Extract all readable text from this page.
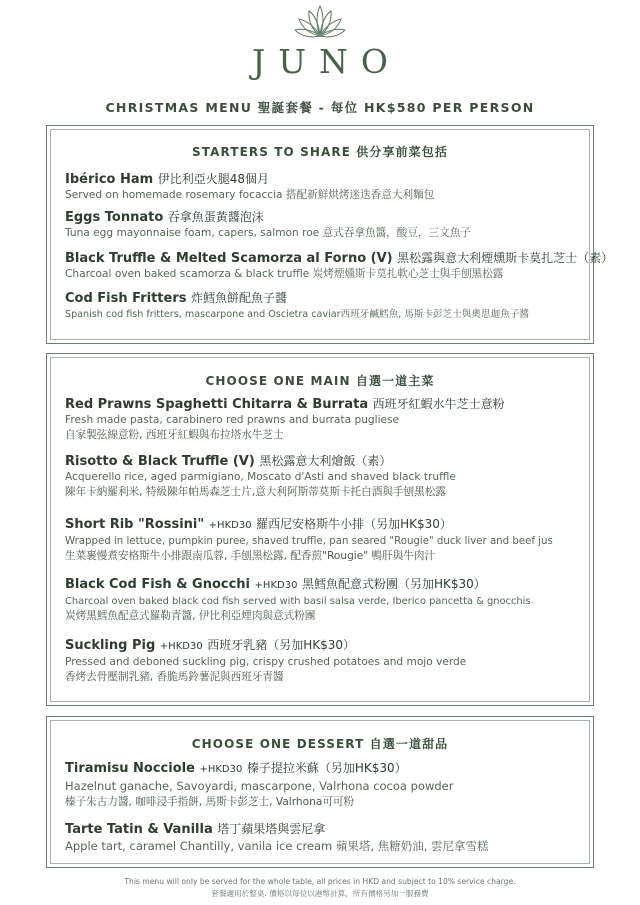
JUNO
CHRISTMAS MENU 聖誕套餐 - 每位 HK$580 PER PERSON
STARTERS TO SHARE 供分享前菜包括
Ibérico Ham 伊比利亞火腿48個月
Served on homemade rosemary focaccia 搭配新鮮烘烤迷迭香意大利麵包
Eggs Tonnato 吞拿魚蛋黃醬泡沫
Tuna egg mayonnaise foam, capers, salmon roe 意式吞拿魚醬，酸豆，三文魚子
Black Truffle & Melted Scamorza al Forno (V) 黑松露與意大利煙燻斯卡莫扎芝士（素）
Charcoal oven baked scamorza & black truffle 炭烤煙燻斯卡莫扎軟心芝士與手刨黑松露
Cod Fish Fritters 炸鱈魚餅配魚子醬
Spanish cod fish fritters, mascarpone and Oscietra caviar西班牙鹹鱈魚, 馬斯卡彭芝士與奧思迦魚子醬
CHOOSE ONE MAIN 自選一道主菜
Red Prawns Spaghetti Chitarra & Burrata 西班牙紅蝦水牛芝士意粉
Fresh made pasta, carabinero red prawns and burrata pugliese
自家製弦線意粉, 西班牙紅蝦與布拉塔水牛芝士
Risotto & Black Truffle (V) 黑松露意大利燴飯（素）
Acquerello rice, aged parmigiano, Moscato d'Asti and shaved black truffle
陳年卡納羅利米, 特級陳年帕馬森芝士片,意大利阿斯蒂莫斯卡托白酒與手刨黑松露
Short Rib "Rossini" +HKD30 羅西尼安格斯牛小排（另加HK$30）
Wrapped in lettuce, pumpkin puree, shaved truffle, pan seared "Rougie" duck liver and beef jus
生菜裹慢煮安格斯牛小排跟南瓜蓉, 手刨黑松露, 配香煎"Rougie" 鴨肝與牛肉汁
Black Cod Fish & Gnocchi +HKD30 黑鱈魚配意式粉團（另加HK$30）
Charcoal oven baked black cod fish served with basil salsa verde, Iberico pancetta & gnocchis
炭烤黑鱈魚配意式羅勒青醬, 伊比利亞煙肉與意式粉團
Suckling Pig +HKD30 西班牙乳豬（另加HK$30）
Pressed and deboned suckling pig, crispy crushed potatoes and mojo verde
香烤去骨壓制乳豬, 香脆馬鈴薯泥與西班牙青醬
CHOOSE ONE DESSERT 自選一道甜品
Tiramisu Nocciole +HKD30 榛子提拉米蘇（另加HK$30）
Hazelnut ganache, Savoyardi, mascarpone, Valrhona cocoa powder
榛子朱古力醬, 咖啡浸手指餅, 馬斯卡彭芝士, Valrhona可可粉
Tarte Tatin & Vanilla 塔丁蘋果塔與雲尼拿
Apple tart, caramel Chantilly, vanila ice cream 蘋果塔, 焦糖奶油, 雲尼拿雪糕
This menu will only be served for the whole table, all prices in HKD and subject to 10% service charge.
套餐適用於整桌. 價格以每位以港幣計算，所有價格另加一服務費
